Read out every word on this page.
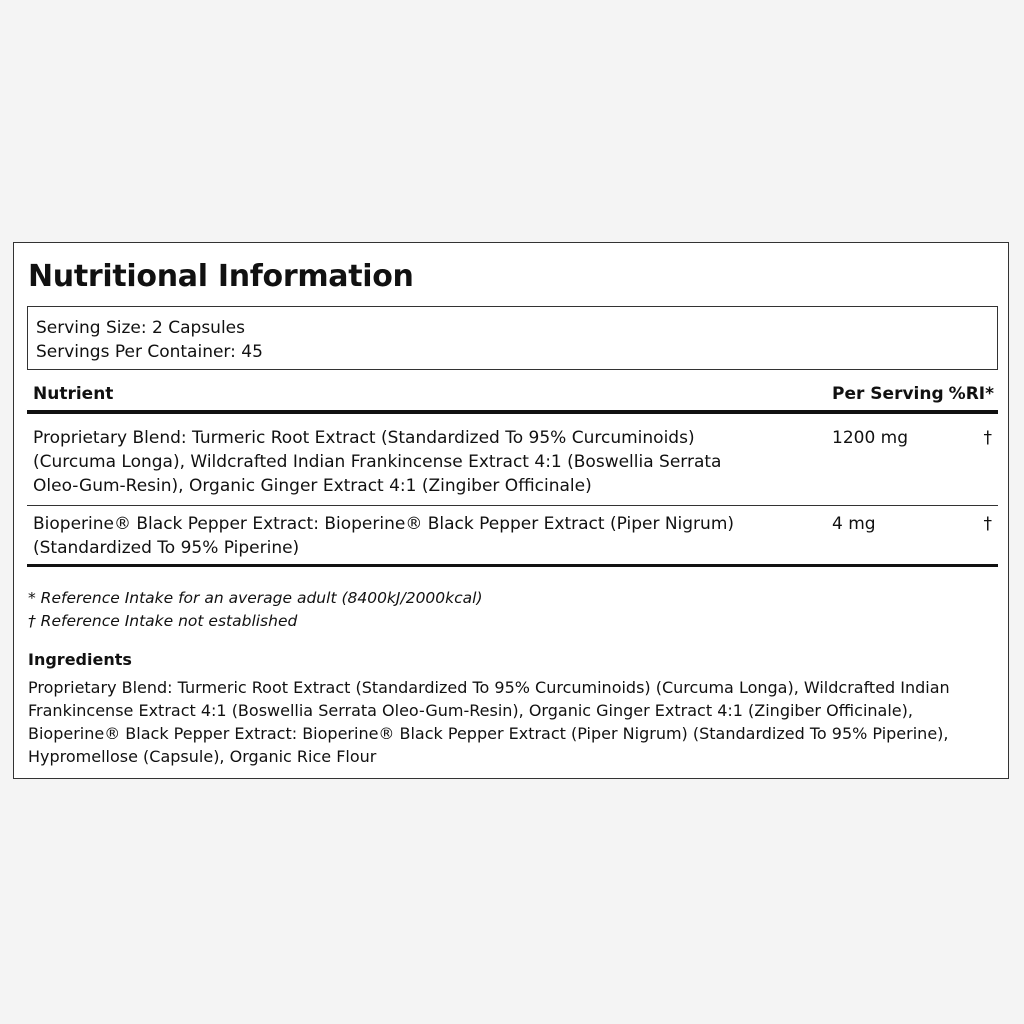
Nutritional Information
Serving Size: 2 Capsules
Servings Per Container: 45
Nutrient	Per Serving	%RI*
Proprietary Blend: Turmeric Root Extract (Standardized To 95% Curcuminoids) (Curcuma Longa), Wildcrafted Indian Frankincense Extract 4:1 (Boswellia Serrata Oleo-Gum-Resin), Organic Ginger Extract 4:1 (Zingiber Officinale)	1200 mg	†
Bioperine® Black Pepper Extract: Bioperine® Black Pepper Extract (Piper Nigrum) (Standardized To 95% Piperine)	4 mg	†
* Reference Intake for an average adult (8400kJ/2000kcal)
† Reference Intake not established
Ingredients

Proprietary Blend: Turmeric Root Extract (Standardized To 95% Curcuminoids) (Curcuma Longa), Wildcrafted Indian Frankincense Extract 4:1 (Boswellia Serrata Oleo-Gum-Resin), Organic Ginger Extract 4:1 (Zingiber Officinale), Bioperine® Black Pepper Extract: Bioperine® Black Pepper Extract (Piper Nigrum) (Standardized To 95% Piperine), Hypromellose (Capsule), Organic Rice Flour
